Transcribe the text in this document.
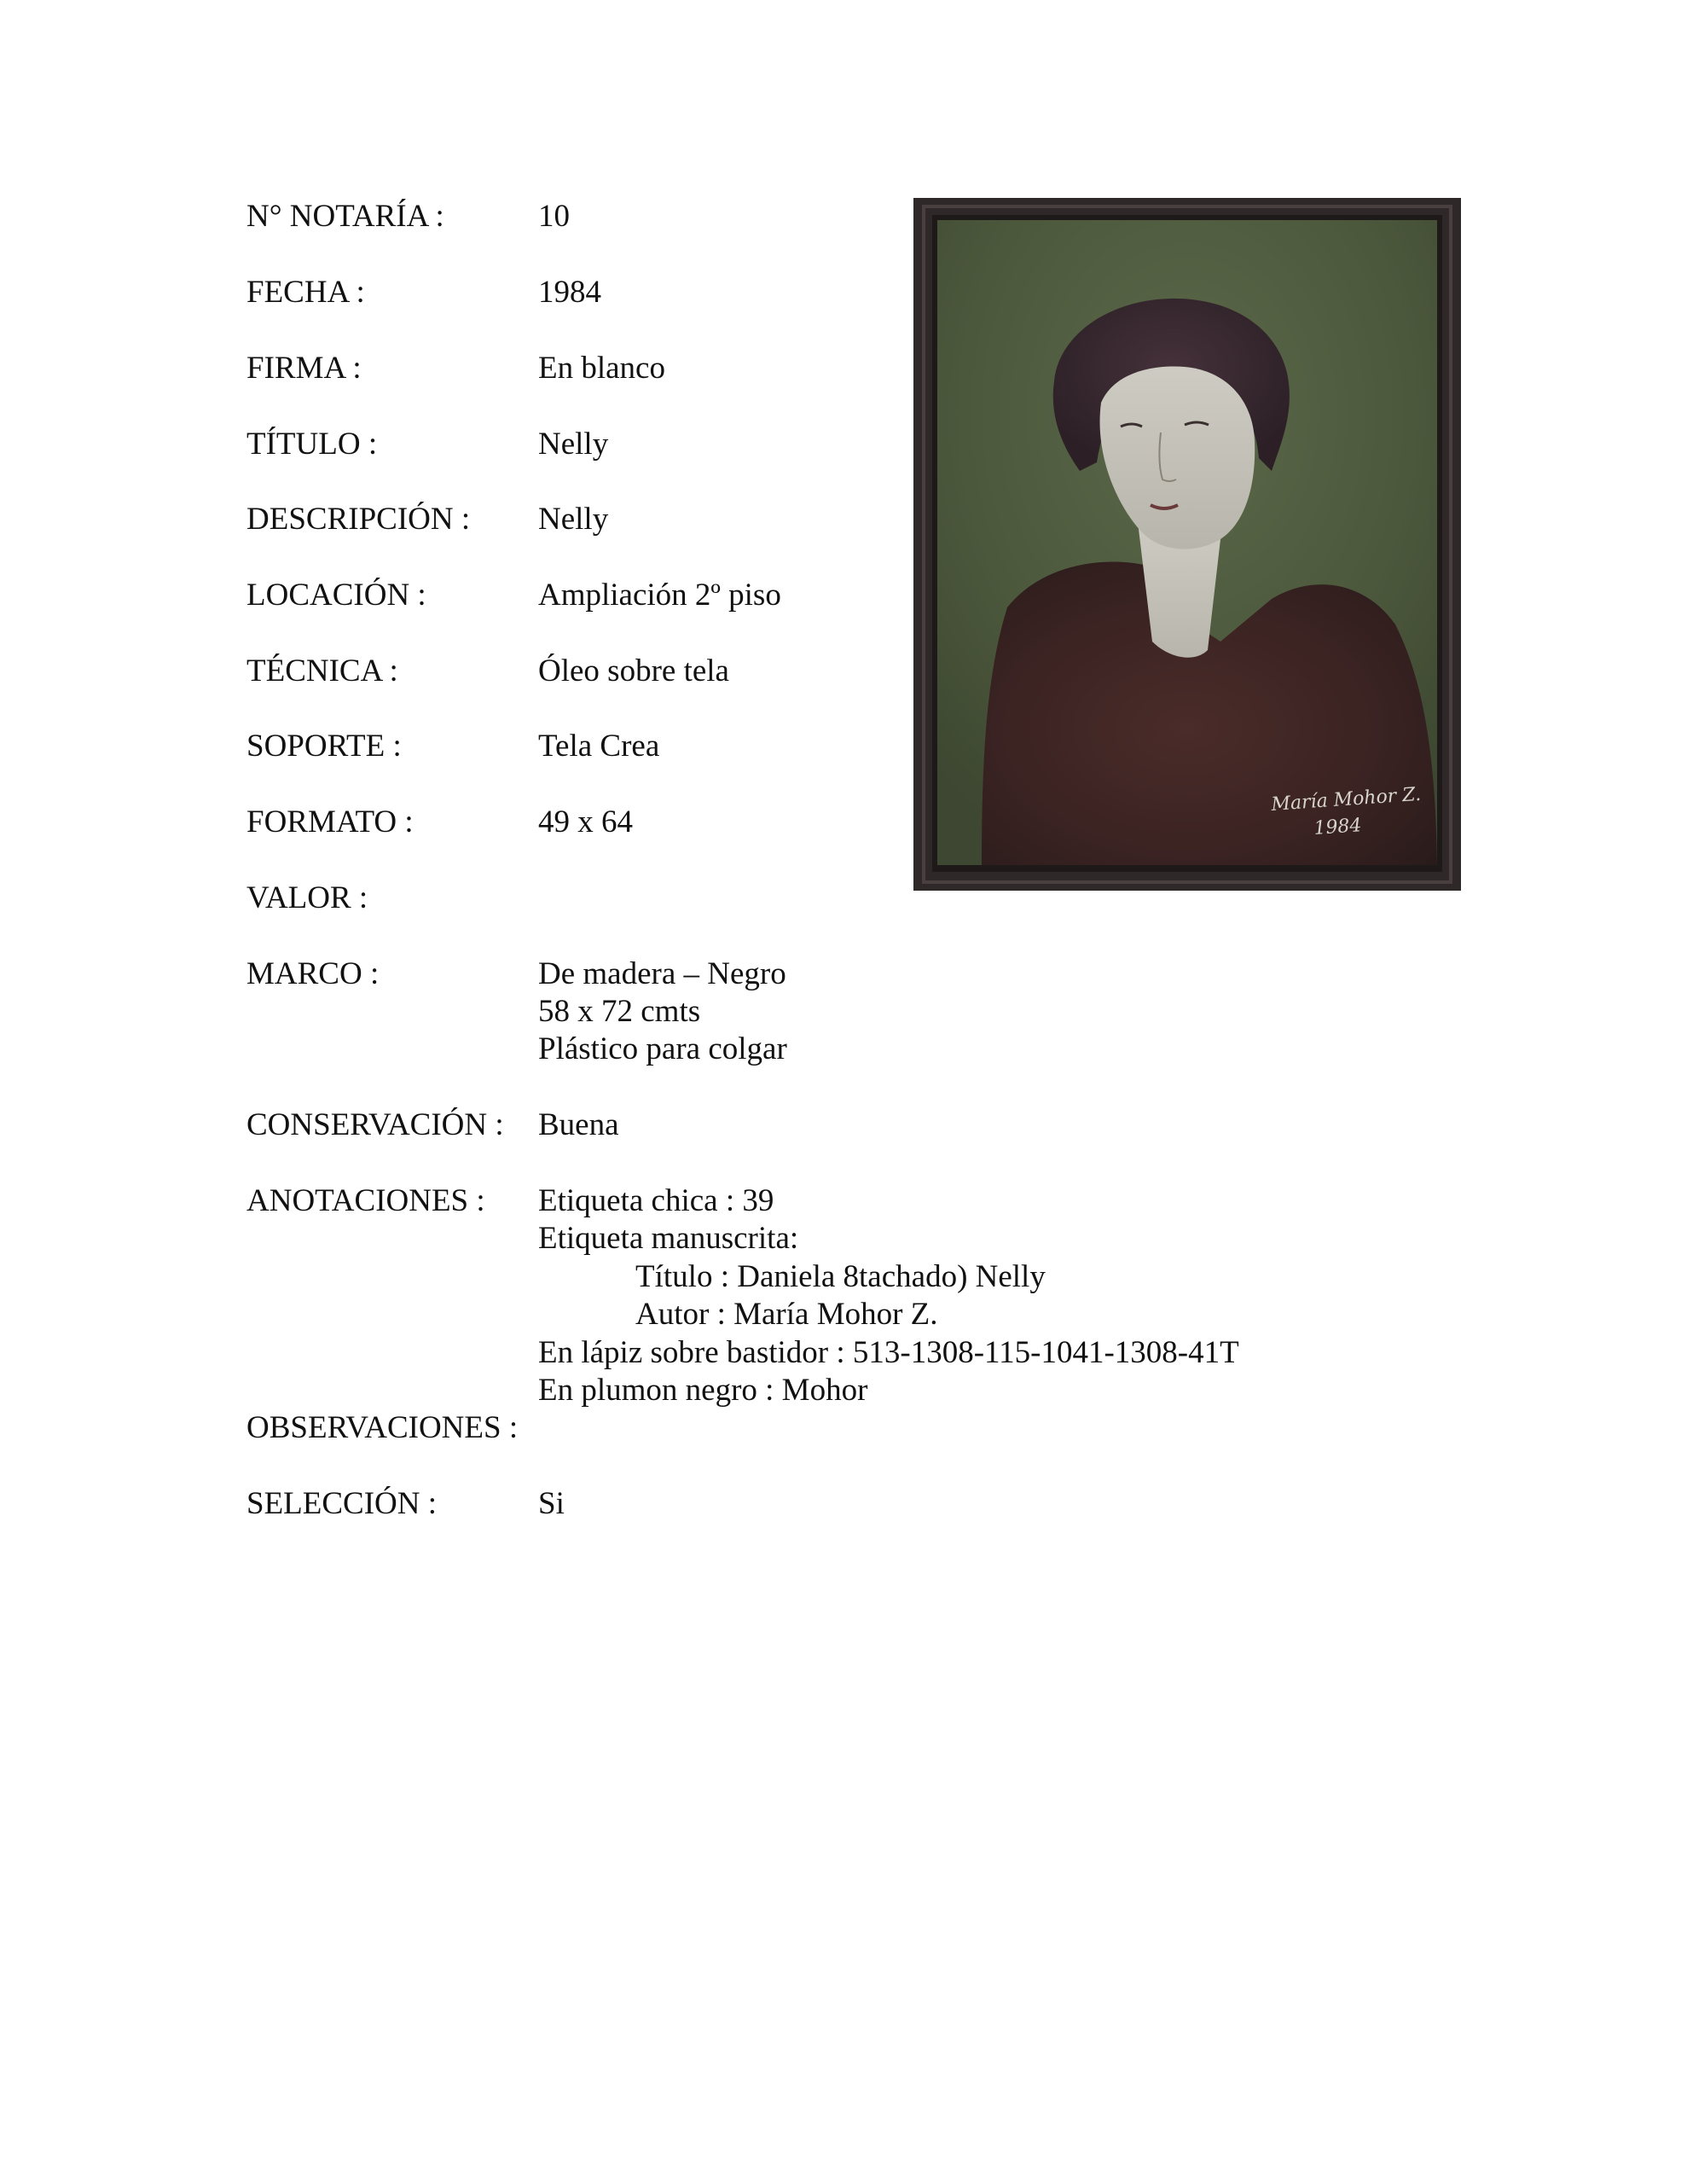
N° NOTARÍA :	10
FECHA :	1984
FIRMA :	En blanco
TÍTULO :	Nelly
DESCRIPCIÓN : Nelly
LOCACIÓN :	Ampliación 2º piso
TÉCNICA :	Óleo sobre tela
SOPORTE :	Tela Crea
FORMATO :	49 x 64
VALOR :
MARCO :	De madera – Negro
58 x 72 cmts
Plástico para colgar
CONSERVACIÓN : Buena
ANOTACIONES : Etiqueta chica : 39
Etiqueta manuscrita:
Título : Daniela 8tachado) Nelly
Autor : María Mohor Z.
En lápiz sobre bastidor : 513-1308-115-1041-1308-41T
En plumon negro : Mohor
OBSERVACIONES :
SELECCIÓN :	Si
María Mohor Z.
1984
